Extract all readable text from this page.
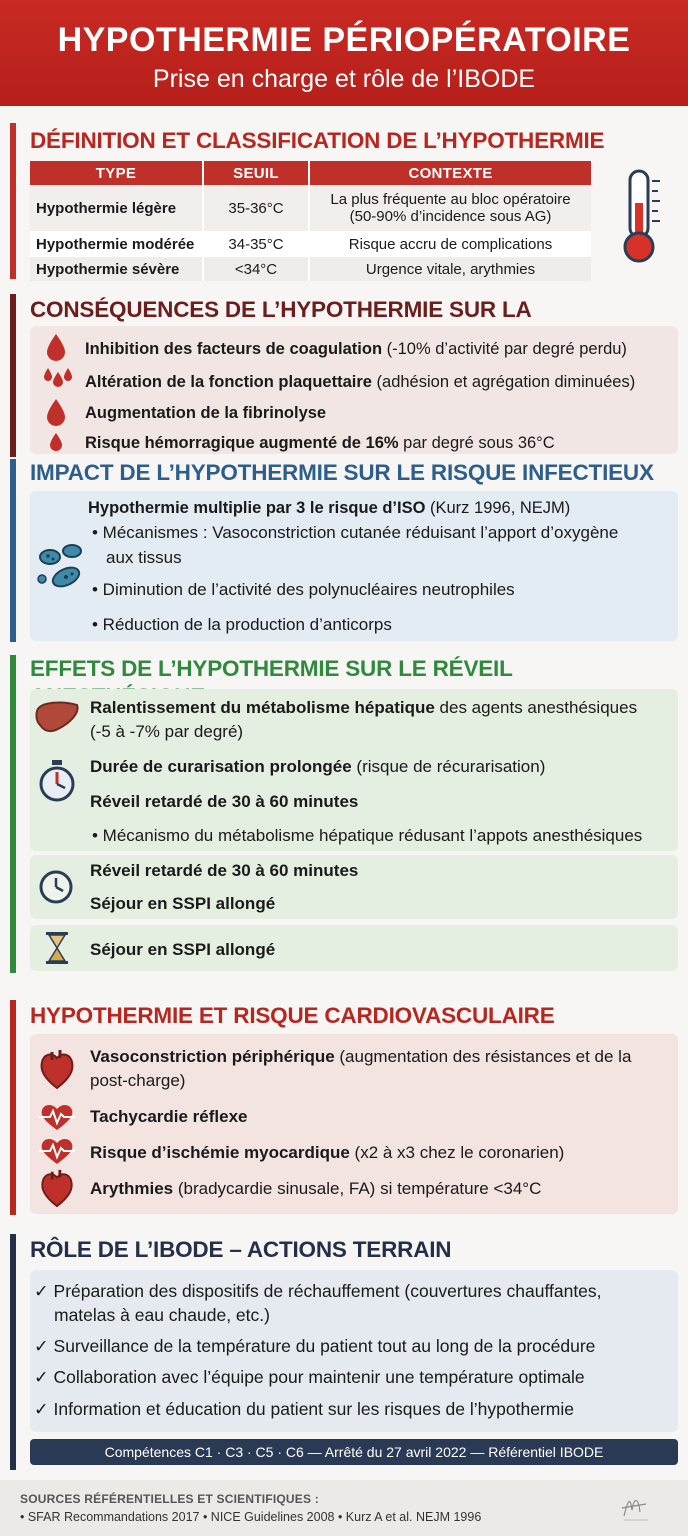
HYPOTHERMIE PÉRIOPÉRATOIRE
Prise en charge et rôle de l’IBODE
DÉFINITION ET CLASSIFICATION DE L’HYPOTHERMIE
TYPE	SEUIL	CONTEXTE
Hypothermie légère	35-36°C	La plus fréquente au bloc opératoire
(50-90% d’incidence sous AG)

Hypothermie modérée	34-35°C	Risque accru de complications
Hypothermie sévère	<34°C	Urgence vitale, arythmies
CONSÉQUENCES DE L’HYPOTHERMIE SUR LA
Inhibition des facteurs de coagulation (-10% d’activité par degré perdu)
Altération de la fonction plaquettaire (adhésion et agrégation diminuées)
Augmentation de la fibrinolyse
Risque hémorragique augmenté de 16% par degré sous 36°C
IMPACT DE L’HYPOTHERMIE SUR LE RISQUE INFECTIEUX
Hypothermie multiplie par 3 le risque d’ISO (Kurz 1996, NEJM)
• Mécanismes : Vasoconstriction cutanée réduisant l’apport d’oxygène
aux tissus
• Diminution de l’activité des polynucléaires neutrophiles
• Réduction de la production d’anticorps
EFFETS DE L’HYPOTHERMIE SUR LE RÉVEIL
Ralentissement du métabolisme hépatique des agents anesthésiques
(-5 à -7% par degré)
Durée de curarisation prolongée (risque de récurarisation)
Réveil retardé de 30 à 60 minutes
• Mécanismo du métabolisme hépatique rédusant l’appots anesthésiques
Réveil retardé de 30 à 60 minutes
Séjour en SSPI allongé
Séjour en SSPI allongé
HYPOTHERMIE ET RISQUE CARDIOVASCULAIRE
Vasoconstriction périphérique (augmentation des résistances et de la
post-charge)
Tachycardie réflexe
Risque d’ischémie myocardique (x2 à x3 chez le coronarien)
Arythmies (bradycardie sinusale, FA) si température <34°C
RÔLE DE L’IBODE – ACTIONS TERRAIN
✓ Préparation des dispositifs de réchauffement (couvertures chauffantes,
matelas à eau chaude, etc.)
✓ Surveillance de la température du patient tout au long de la procédure
✓ Collaboration avec l’équipe pour maintenir une température optimale
✓ Information et éducation du patient sur les risques de l’hypothermie
Compétences C1 · C3 · C5 · C6 — Arrêté du 27 avril 2022 — Référentiel IBODE
SOURCES RÉFÉRENTIELLES ET SCIENTIFIQUES :
• SFAR Recommandations 2017 • NICE Guidelines 2008 • Kurz A et al. NEJM 1996
